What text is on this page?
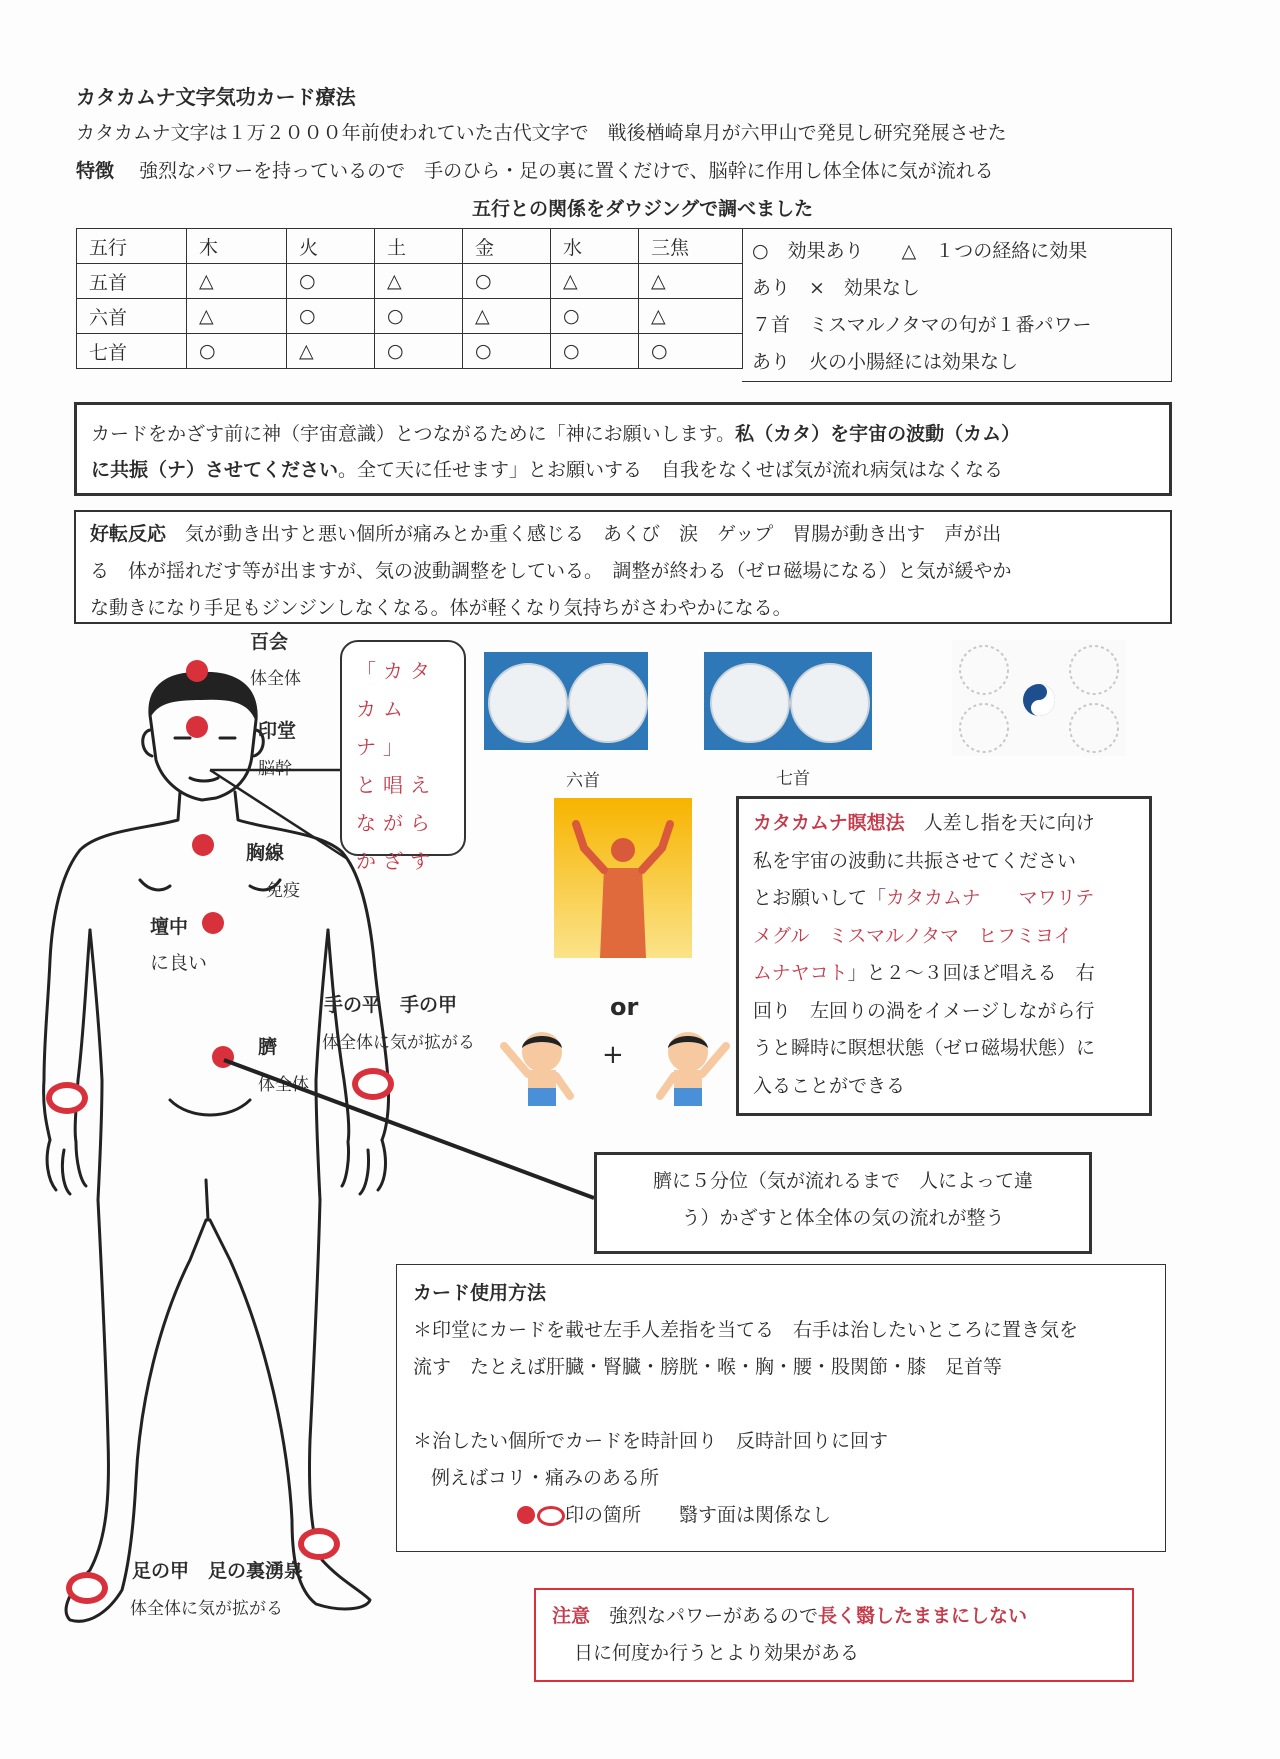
カタカムナ文字気功カード療法
カタカムナ文字は１万２０００年前使われていた古代文字で　戦後楢崎皐月が六甲山で発見し研究発展させた
特徴　 強烈なパワーを持っているので　手のひら・足の裏に置くだけで、脳幹に作用し体全体に気が流れる
五行との関係をダウジングで調べました
五行	木	火	土	金	水	三焦
五首	△	○	△	○	△	△
六首	△	○	○	△	○	△
七首	○	△	○	○	○	○
○　効果あり　　△　１つの経絡に効果
あり　×　効果なし
７首　ミスマルノタマの句が１番パワー
あり　火の小腸経には効果なし
カードをかざす前に神（宇宙意識）とつながるために「神にお願いします。私（カタ）を宇宙の波動（カム）
に共振（ナ）させてください。全て天に任せます」とお願いする　自我をなくせば気が流れ病気はなくなる
好転反応　 気が動き出すと悪い個所が痛みとか重く感じる　あくび　涙　ゲップ　胃腸が動き出す　声が出
る　体が揺れだす等が出ますが、気の波動調整をしている。　調整が終わる（ゼロ磁場になる）と気が緩やか
な動きになり手足もジンジンしなくなる。体が軽くなり気持ちがさわやかになる。
百会
体全体
印堂
脳幹
胸線
免疫
壇中
に良い
手の平　手の甲
体全体に気が拡がる
臍
体全体
足の甲　足の裏湧泉
体全体に気が拡がる
「カタ
カムナ」
と唱え
ながら
かざす
六首	七首
or
+
カタカムナ瞑想法　 人差し指を天に向け
私を宇宙の波動に共振させてください
とお願いして「カタカムナ　　マワリテ
メグル　ミスマルノタマ　ヒフミヨイ
ムナヤコト」と２～３回ほど唱える　右
回り　左回りの渦をイメージしながら行
うと瞬時に瞑想状態（ゼロ磁場状態）に
入ることができる
臍に５分位（気が流れるまで　人によって違
う）かざすと体全体の気の流れが整う
カード使用方法
＊印堂にカードを載せ左手人差指を当てる　右手は治したいところに置き気を
流す　たとえば肝臓・腎臓・膀胱・喉・胸・腰・股関節・膝　足首等
＊治したい個所でカードを時計回り　反時計回りに回す
例えばコリ・痛みのある所
印の箇所　　翳す面は関係なし
注意　 強烈なパワーがあるので長く翳したままにしない
日に何度か行うとより効果がある
